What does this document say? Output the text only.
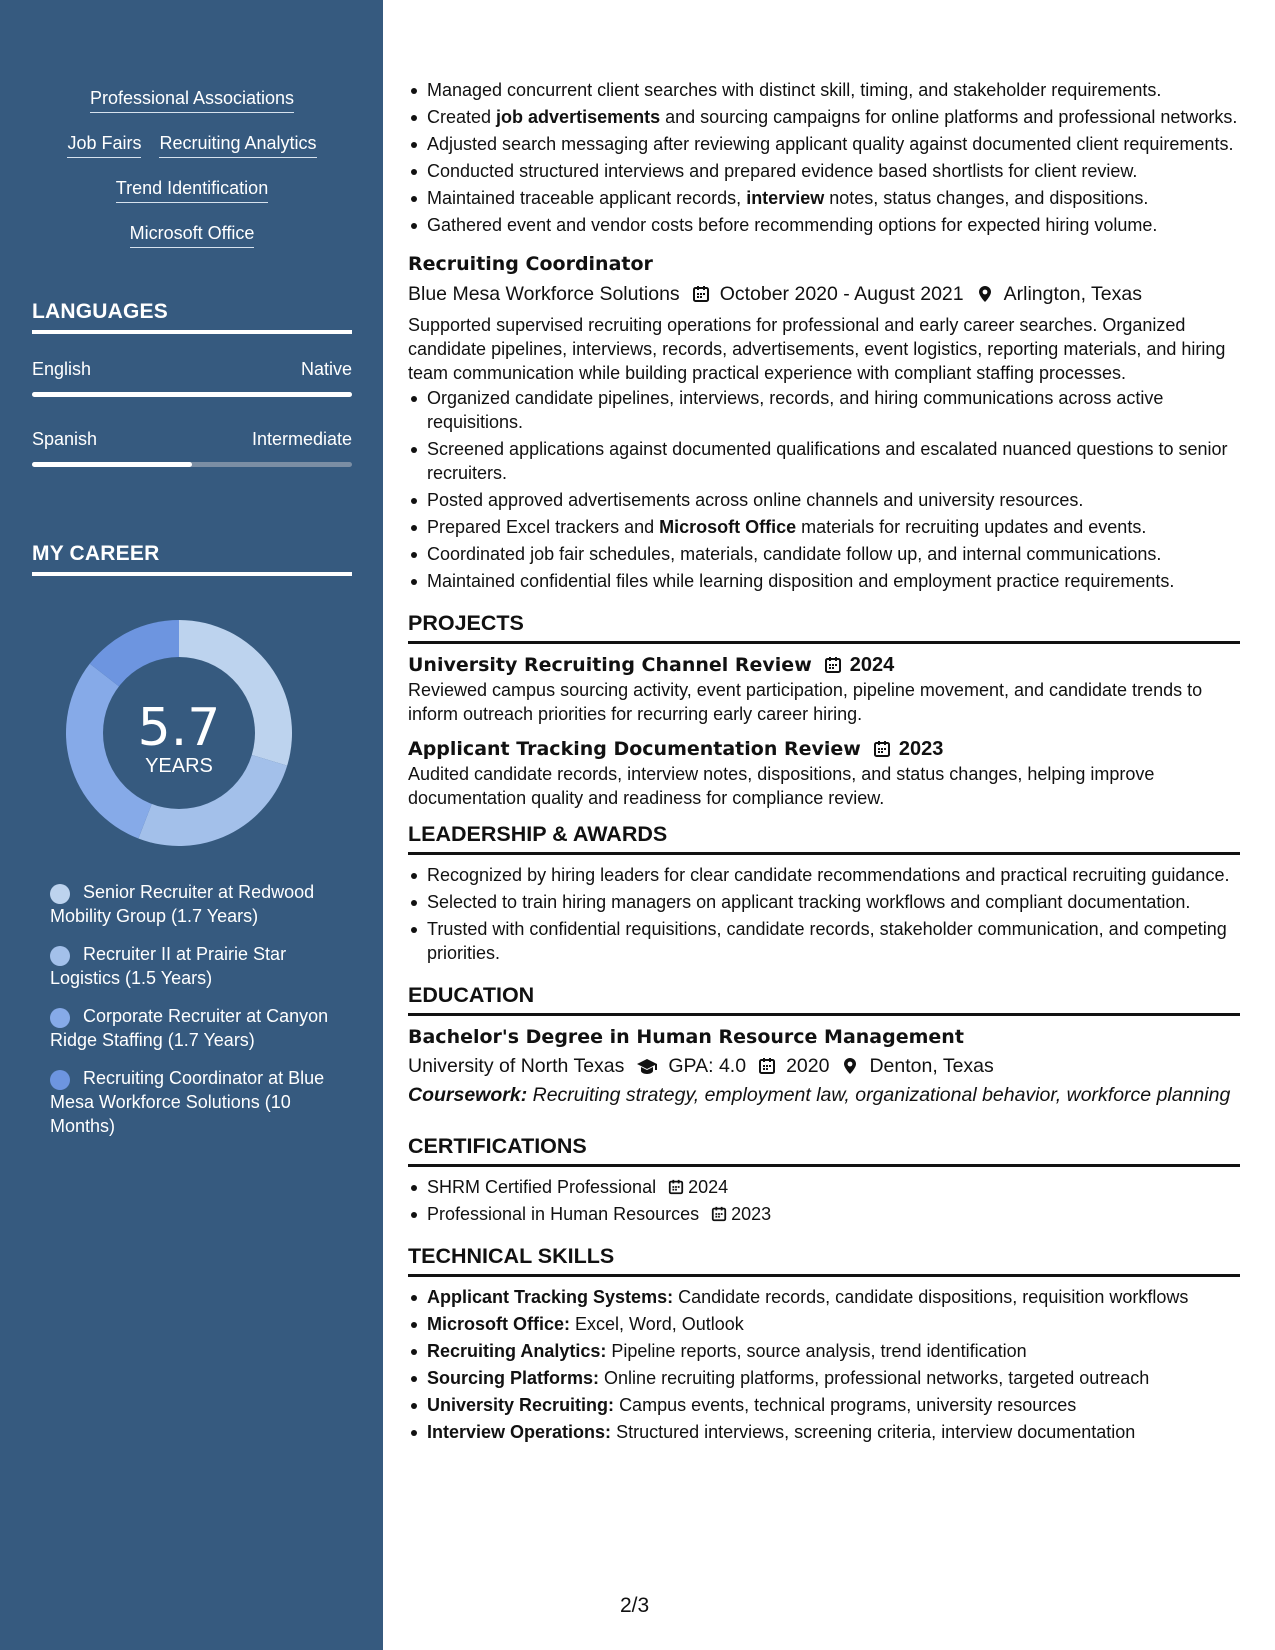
Professional Associations
Job Fairs Recruiting Analytics
Trend Identification
Microsoft Office
LANGUAGES
English	Native
Spanish	Intermediate
MY CAREER
5.7
YEARS
Senior Recruiter at Redwood Mobility Group (1.7 Years)
Recruiter II at Prairie Star Logistics (1.5 Years)
Corporate Recruiter at Canyon Ridge Staffing (1.7 Years)
Recruiting Coordinator at Blue Mesa Workforce Solutions (10 Months)
Managed concurrent client searches with distinct skill, timing, and stakeholder requirements.
Created job advertisements and sourcing campaigns for online platforms and professional networks.
Adjusted search messaging after reviewing applicant quality against documented client requirements.
Conducted structured interviews and prepared evidence based shortlists for client review.
Maintained traceable applicant records, interview notes, status changes, and dispositions.
Gathered event and vendor costs before recommending options for expected hiring volume.
Recruiting Coordinator
Blue Mesa Workforce Solutions October 2020 - August 2021 Arlington, Texas
Supported supervised recruiting operations for professional and early career searches. Organized candidate pipelines, interviews, records, advertisements, event logistics, reporting materials, and hiring team communication while building practical experience with compliant staffing processes.
Organized candidate pipelines, interviews, records, and hiring communications across active requisitions.
Screened applications against documented qualifications and escalated nuanced questions to senior recruiters.
Posted approved advertisements across online channels and university resources.
Prepared Excel trackers and Microsoft Office materials for recruiting updates and events.
Coordinated job fair schedules, materials, candidate follow up, and internal communications.
Maintained confidential files while learning disposition and employment practice requirements.
PROJECTS
University Recruiting Channel Review 2024
Reviewed campus sourcing activity, event participation, pipeline movement, and candidate trends to inform outreach priorities for recurring early career hiring.
Applicant Tracking Documentation Review 2023
Audited candidate records, interview notes, dispositions, and status changes, helping improve documentation quality and readiness for compliance review.
LEADERSHIP & AWARDS
Recognized by hiring leaders for clear candidate recommendations and practical recruiting guidance.
Selected to train hiring managers on applicant tracking workflows and compliant documentation.
Trusted with confidential requisitions, candidate records, stakeholder communication, and competing priorities.
EDUCATION
Bachelor's Degree in Human Resource Management
University of North Texas GPA: 4.0 2020 Denton, Texas
Coursework: Recruiting strategy, employment law, organizational behavior, workforce planning
CERTIFICATIONS
SHRM Certified Professional 2024
Professional in Human Resources 2023
TECHNICAL SKILLS
Applicant Tracking Systems: Candidate records, candidate dispositions, requisition workflows
Microsoft Office: Excel, Word, Outlook
Recruiting Analytics: Pipeline reports, source analysis, trend identification
Sourcing Platforms: Online recruiting platforms, professional networks, targeted outreach
University Recruiting: Campus events, technical programs, university resources
Interview Operations: Structured interviews, screening criteria, interview documentation
2/3
